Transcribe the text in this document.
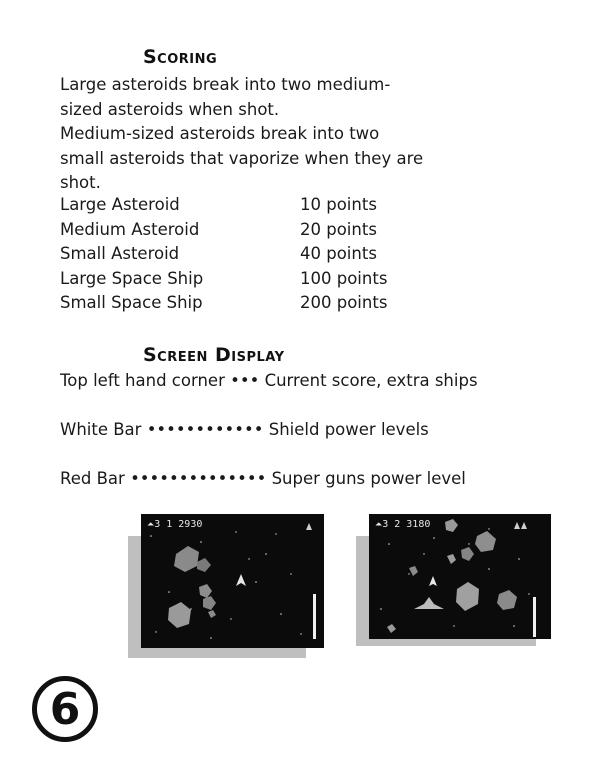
Scoring
Large asteroids break into two medium-
sized asteroids when shot.
Medium-sized asteroids break into two
small asteroids that vaporize when they are
shot.
Large Asteroid	10 points
Medium Asteroid	20 points
Small Asteroid	40 points
Large Space Ship	100 points
Small Space Ship	200 points
Screen Display
Top left hand corner ••• Current score, extra ships
White Bar •••••••••••• Shield power levels
Red Bar •••••••••••••• Super guns power level
⏶3 1 2930	⏶3 2 3180
6
